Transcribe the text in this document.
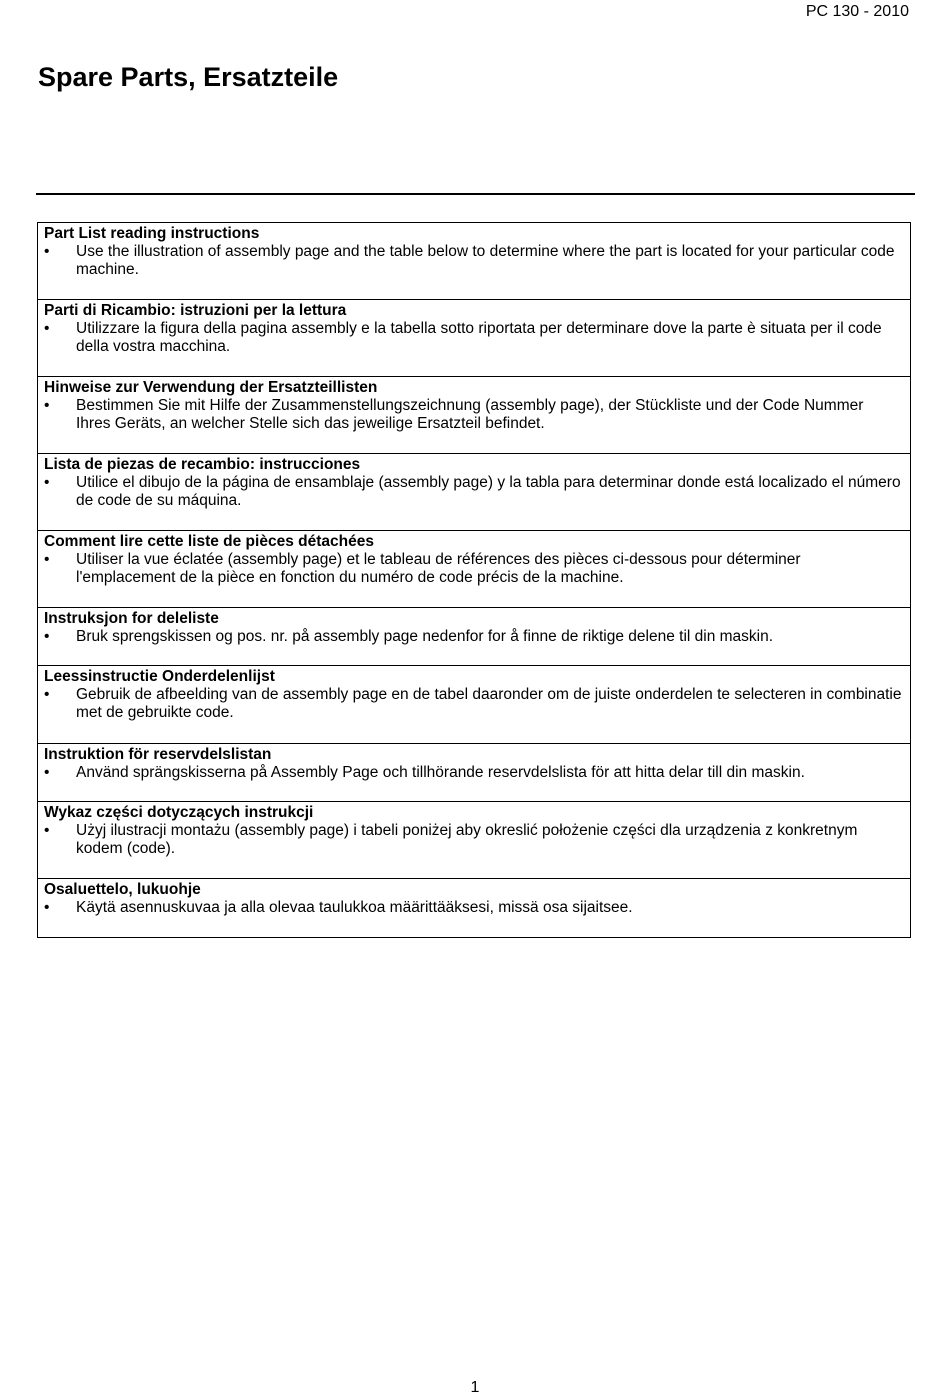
PC 130 - 2010
Spare Parts, Ersatzteile
Part List reading instructions
• Use the illustration of assembly page and the table below to determine where the part is located for your particular code machine.
Parti di Ricambio: istruzioni per la lettura
• Utilizzare la figura della pagina assembly e la tabella sotto riportata per determinare dove la parte è situata per il code della vostra macchina.
Hinweise zur Verwendung der Ersatzteillisten
• Bestimmen Sie mit Hilfe der Zusammenstellungszeichnung (assembly page), der Stückliste und der Code Nummer Ihres Geräts, an welcher Stelle sich das jeweilige Ersatzteil befindet.
Lista de piezas de recambio: instrucciones
• Utilice el dibujo de la página de ensamblaje (assembly page) y la tabla para determinar donde está localizado el número de code de su máquina.
Comment lire cette liste de pièces détachées
• Utiliser la vue éclatée (assembly page) et le tableau de références des pièces ci-dessous pour déterminer l'emplacement de la pièce en fonction du numéro de code précis de la machine.
Instruksjon for deleliste
• Bruk sprengskissen og pos. nr. på assembly page nedenfor for å finne de riktige delene til din maskin.
Leessinstructie Onderdelenlijst
• Gebruik de afbeelding van de assembly page en de tabel daaronder om de juiste onderdelen te selecteren in combinatie met de gebruikte code.
Instruktion för reservdelslistan
• Använd sprängskisserna på Assembly Page och tillhörande reservdelslista för att hitta delar till din maskin.
Wykaz części dotyczących instrukcji
• Użyj ilustracji montażu (assembly page) i tabeli poniżej aby okreslić położenie części dla urządzenia z konkretnym kodem (code).
Osaluettelo, lukuohje
• Käytä asennuskuvaa ja alla olevaa taulukkoa määrittääksesi, missä osa sijaitsee.
1
